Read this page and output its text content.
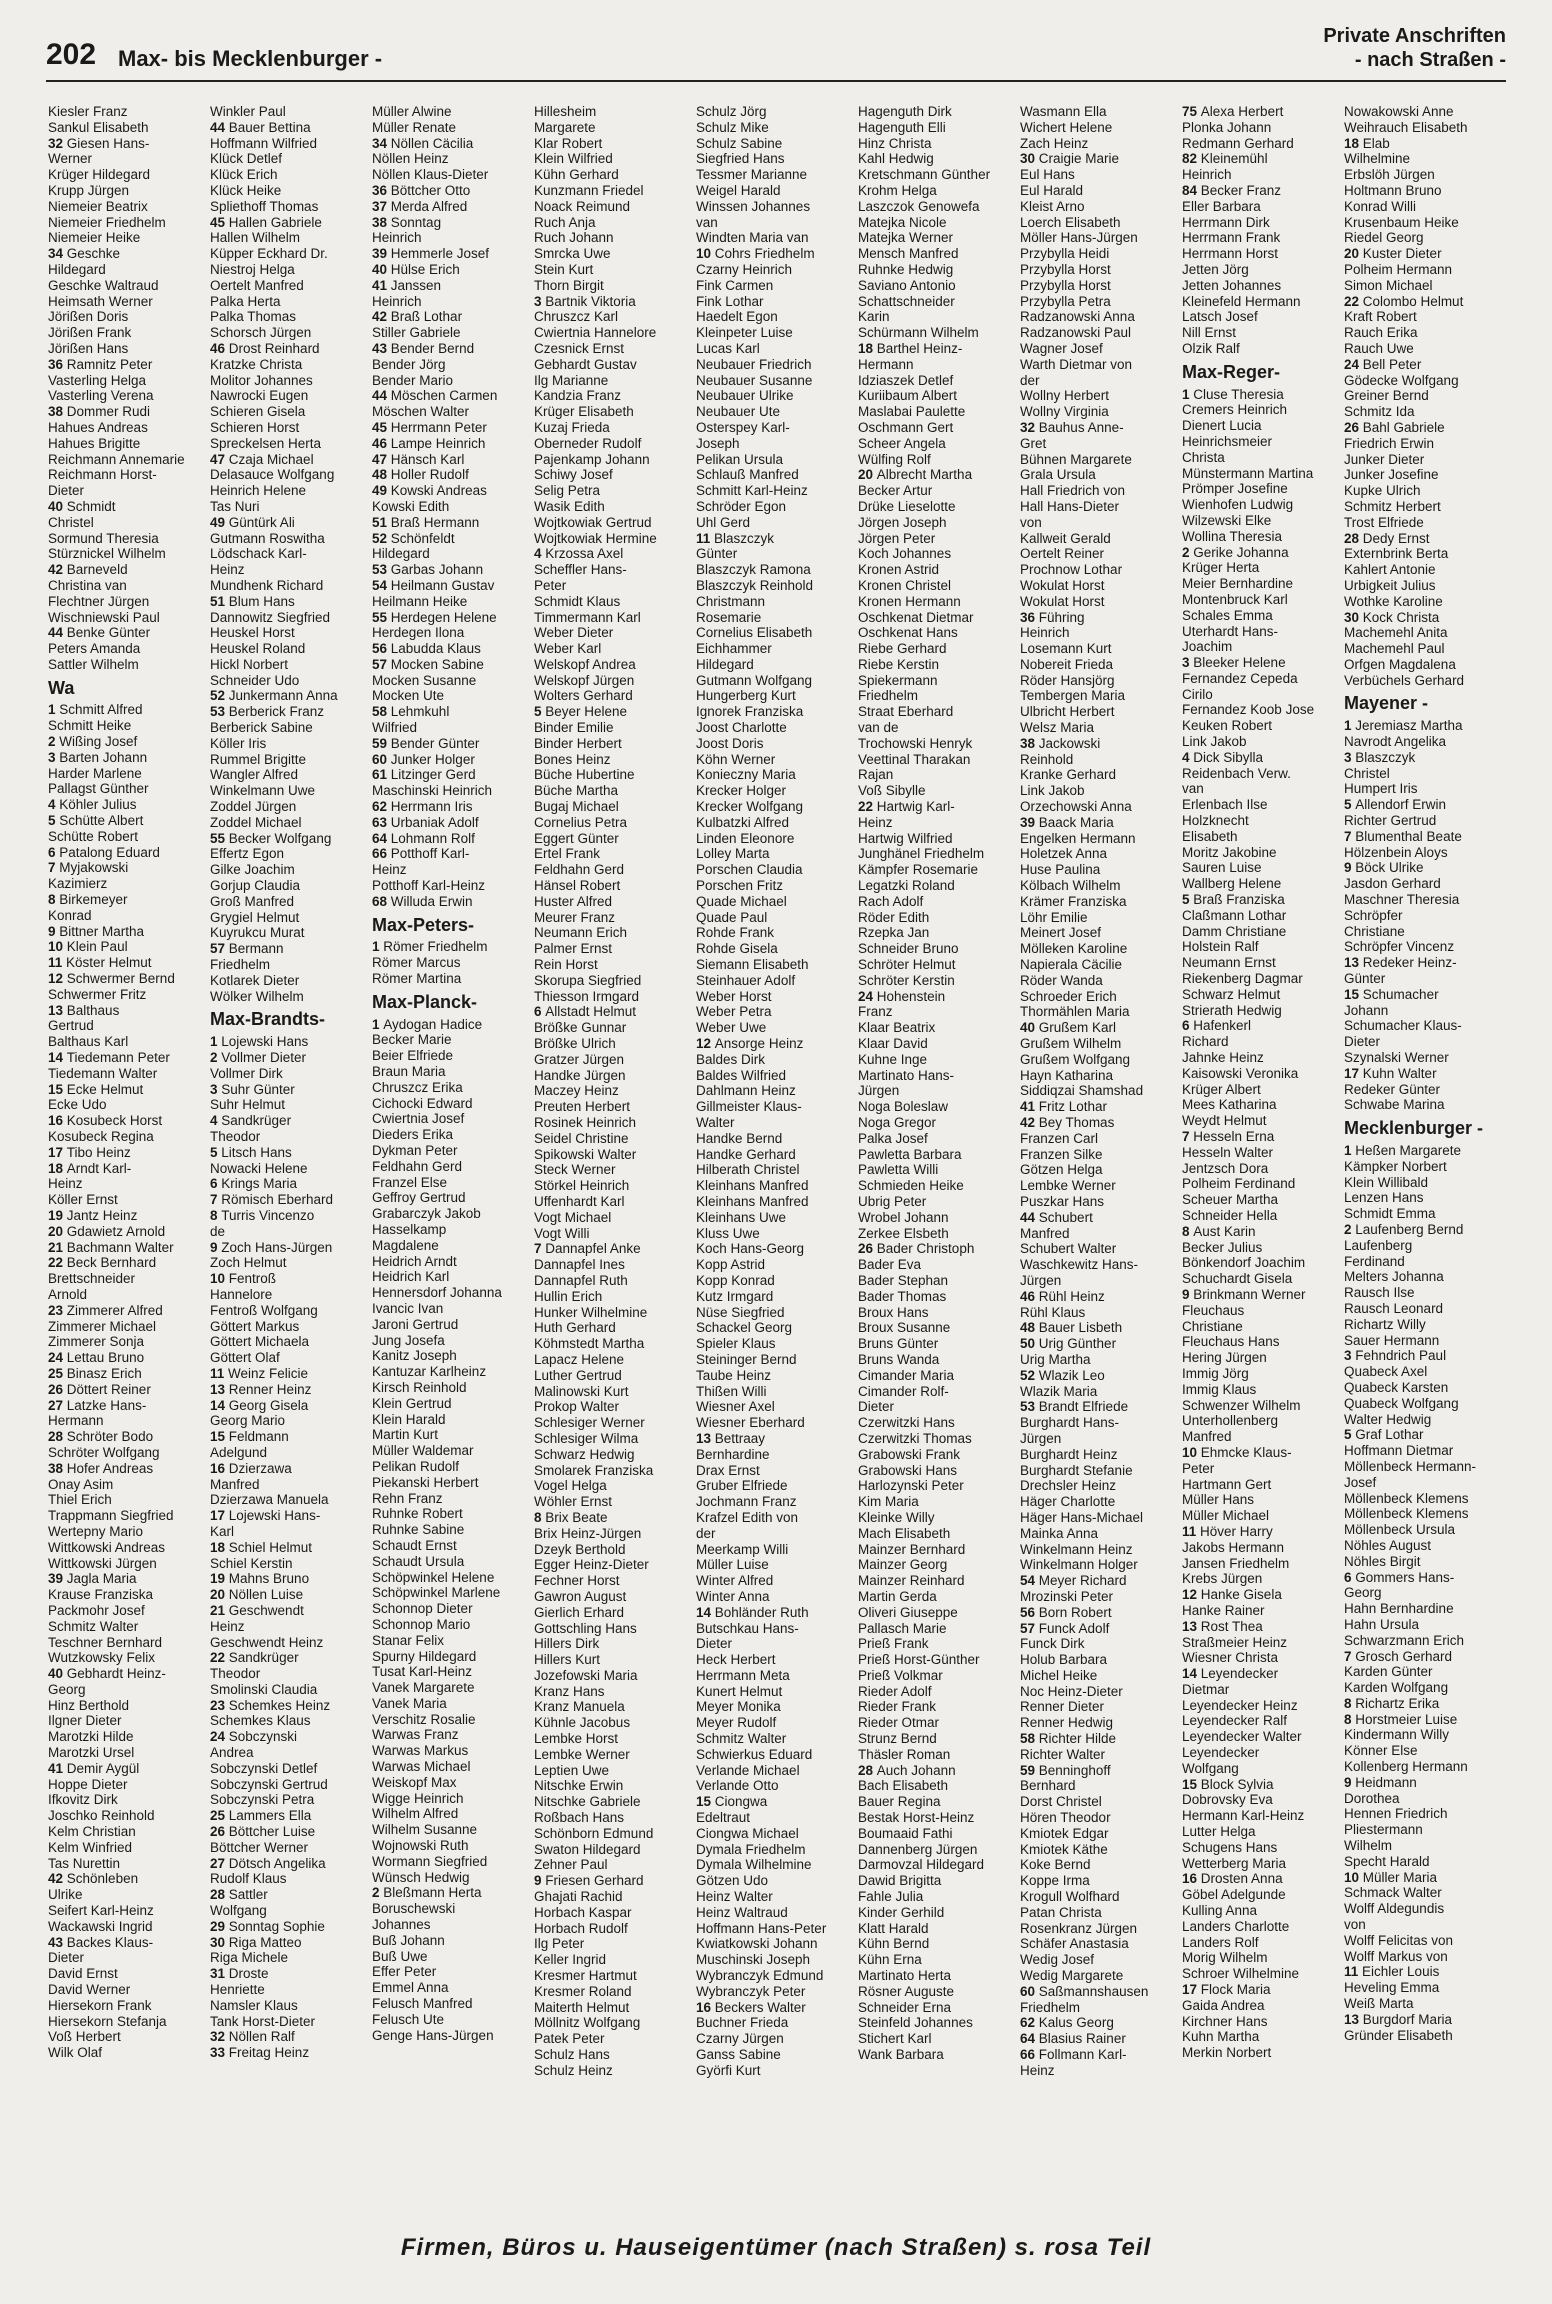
202 Max- bis Mecklenburger -
Private Anschriften
- nach Straßen -
Kiesler Franz
Sankul Elisabeth
32 Giesen Hans-
Werner
Krüger Hildegard
Krupp Jürgen
Niemeier Beatrix
Niemeier Friedhelm
Niemeier Heike
34 Geschke
Hildegard
Geschke Waltraud
Heimsath Werner
Jörißen Doris
Jörißen Frank
Jörißen Hans
36 Ramnitz Peter
Vasterling Helga
Vasterling Verena
38 Dommer Rudi
Hahues Andreas
Hahues Brigitte
Reichmann Annemarie
Reichmann Horst-
Dieter
40 Schmidt
Christel
Sormund Theresia
Stürznickel Wilhelm
42 Barneveld
Christina van
Flechtner Jürgen
Wischniewski Paul
44 Benke Günter
Peters Amanda
Sattler Wilhelm
Wa
1 Schmitt Alfred
Schmitt Heike
2 Wißing Josef
3 Barten Johann
Harder Marlene
Pallagst Günther
4 Köhler Julius
5 Schütte Albert
Schütte Robert
6 Patalong Eduard
7 Myjakowski
Kazimierz
8 Birkemeyer
Konrad
9 Bittner Martha
10 Klein Paul
11 Köster Helmut
12 Schwermer Bernd
Schwermer Fritz
13 Balthaus
Gertrud
Balthaus Karl
14 Tiedemann Peter
Tiedemann Walter
15 Ecke Helmut
Ecke Udo
16 Kosubeck Horst
Kosubeck Regina
17 Tibo Heinz
18 Arndt Karl-
Heinz
Köller Ernst
19 Jantz Heinz
20 Gdawietz Arnold
21 Bachmann Walter
22 Beck Bernhard
Brettschneider
Arnold
23 Zimmerer Alfred
Zimmerer Michael
Zimmerer Sonja
24 Lettau Bruno
25 Binasz Erich
26 Döttert Reiner
27 Latzke Hans-
Hermann
28 Schröter Bodo
Schröter Wolfgang
38 Hofer Andreas
Onay Asim
Thiel Erich
Trappmann Siegfried
Wertepny Mario
Wittkowski Andreas
Wittkowski Jürgen
39 Jagla Maria
Krause Franziska
Packmohr Josef
Schmitz Walter
Teschner Bernhard
Wutzkowsky Felix
40 Gebhardt Heinz-
Georg
Hinz Berthold
Ilgner Dieter
Marotzki Hilde
Marotzki Ursel
41 Demir Aygül
Hoppe Dieter
Ifkovitz Dirk
Joschko Reinhold
Kelm Christian
Kelm Winfried
Tas Nurettin
42 Schönleben
Ulrike
Seifert Karl-Heinz
Wackawski Ingrid
43 Backes Klaus-
Dieter
David Ernst
David Werner
Hiersekorn Frank
Hiersekorn Stefanja
Voß Herbert
Wilk Olaf
Winkler Paul
44 Bauer Bettina
Hoffmann Wilfried
Klück Detlef
Klück Erich
Klück Heike
Spliethoff Thomas
45 Hallen Gabriele
Hallen Wilhelm
Küpper Eckhard Dr.
Niestroj Helga
Oertelt Manfred
Palka Herta
Palka Thomas
Schorsch Jürgen
46 Drost Reinhard
Kratzke Christa
Molitor Johannes
Nawrocki Eugen
Schieren Gisela
Schieren Horst
Spreckelsen Herta
47 Czaja Michael
Delasauce Wolfgang
Heinrich Helene
Tas Nuri
49 Güntürk Ali
Gutmann Roswitha
Lödschack Karl-
Heinz
Mundhenk Richard
51 Blum Hans
Dannowitz Siegfried
Heuskel Horst
Heuskel Roland
Hickl Norbert
Schneider Udo
52 Junkermann Anna
53 Berberick Franz
Berberick Sabine
Köller Iris
Rummel Brigitte
Wangler Alfred
Winkelmann Uwe
Zoddel Jürgen
Zoddel Michael
55 Becker Wolfgang
Effertz Egon
Gilke Joachim
Gorjup Claudia
Groß Manfred
Grygiel Helmut
Kuyrukcu Murat
57 Bermann
Friedhelm
Kotlarek Dieter
Wölker Wilhelm
Max-Brandts-
1 Lojewski Hans
2 Vollmer Dieter
Vollmer Dirk
3 Suhr Günter
Suhr Helmut
4 Sandkrüger
Theodor
5 Litsch Hans
Nowacki Helene
6 Krings Maria
7 Römisch Eberhard
8 Turris Vincenzo
de
9 Zoch Hans-Jürgen
Zoch Helmut
10 Fentroß
Hannelore
Fentroß Wolfgang
Göttert Markus
Göttert Michaela
Göttert Olaf
11 Weinz Felicie
13 Renner Heinz
14 Georg Gisela
Georg Mario
15 Feldmann
Adelgund
16 Dzierzawa
Manfred
Dzierzawa Manuela
17 Lojewski Hans-
Karl
18 Schiel Helmut
Schiel Kerstin
19 Mahns Bruno
20 Nöllen Luise
21 Geschwendt
Heinz
Geschwendt Heinz
22 Sandkrüger
Theodor
Smolinski Claudia
23 Schemkes Heinz
Schemkes Klaus
24 Sobczynski
Andrea
Sobczynski Detlef
Sobczynski Gertrud
Sobczynski Petra
25 Lammers Ella
26 Böttcher Luise
Böttcher Werner
27 Dötsch Angelika
Rudolf Klaus
28 Sattler
Wolfgang
29 Sonntag Sophie
30 Riga Matteo
Riga Michele
31 Droste
Henriette
Namsler Klaus
Tank Horst-Dieter
32 Nöllen Ralf
33 Freitag Heinz
Müller Alwine
Müller Renate
34 Nöllen Cäcilia
Nöllen Heinz
Nöllen Klaus-Dieter
36 Böttcher Otto
37 Merda Alfred
38 Sonntag
Heinrich
39 Hemmerle Josef
40 Hülse Erich
41 Janssen
Heinrich
42 Braß Lothar
Stiller Gabriele
43 Bender Bernd
Bender Jörg
Bender Mario
44 Möschen Carmen
Möschen Walter
45 Herrmann Peter
46 Lampe Heinrich
47 Hänsch Karl
48 Holler Rudolf
49 Kowski Andreas
Kowski Edith
51 Braß Hermann
52 Schönfeldt
Hildegard
53 Garbas Johann
54 Heilmann Gustav
Heilmann Heike
55 Herdegen Helene
Herdegen Ilona
56 Labudda Klaus
57 Mocken Sabine
Mocken Susanne
Mocken Ute
58 Lehmkuhl
Wilfried
59 Bender Günter
60 Junker Holger
61 Litzinger Gerd
Maschinski Heinrich
62 Herrmann Iris
63 Urbaniak Adolf
64 Lohmann Rolf
66 Potthoff Karl-
Heinz
Potthoff Karl-Heinz
68 Willuda Erwin
Max-Peters-
1 Römer Friedhelm
Römer Marcus
Römer Martina
Max-Planck-
1 Aydogan Hadice
Becker Marie
Beier Elfriede
Braun Maria
Chruszcz Erika
Cichocki Edward
Cwiertnia Josef
Dieders Erika
Dykman Peter
Feldhahn Gerd
Franzel Else
Geffroy Gertrud
Grabarczyk Jakob
Hasselkamp
Magdalene
Heidrich Arndt
Heidrich Karl
Hennersdorf Johanna
Ivancic Ivan
Jaroni Gertrud
Jung Josefa
Kanitz Joseph
Kantuzar Karlheinz
Kirsch Reinhold
Klein Gertrud
Klein Harald
Martin Kurt
Müller Waldemar
Pelikan Rudolf
Piekanski Herbert
Rehn Franz
Ruhnke Robert
Ruhnke Sabine
Schaudt Ernst
Schaudt Ursula
Schöpwinkel Helene
Schöpwinkel Marlene
Schonnop Dieter
Schonnop Mario
Stanar Felix
Spurny Hildegard
Tusat Karl-Heinz
Vanek Margarete
Vanek Maria
Verschitz Rosalie
Warwas Franz
Warwas Markus
Warwas Michael
Weiskopf Max
Wigge Heinrich
Wilhelm Alfred
Wilhelm Susanne
Wojnowski Ruth
Wormann Siegfried
Wünsch Hedwig
2 Bleßmann Herta
Boruschewski
Johannes
Buß Johann
Buß Uwe
Effer Peter
Emmel Anna
Felusch Manfred
Felusch Ute
Genge Hans-Jürgen
Hillesheim
Margarete
Klar Robert
Klein Wilfried
Kühn Gerhard
Kunzmann Friedel
Noack Reimund
Ruch Anja
Ruch Johann
Smrcka Uwe
Stein Kurt
Thorn Birgit
3 Bartnik Viktoria
Chruszcz Karl
Cwiertnia Hannelore
Czesnick Ernst
Gebhardt Gustav
Ilg Marianne
Kandzia Franz
Krüger Elisabeth
Kuzaj Frieda
Oberneder Rudolf
Pajenkamp Johann
Schiwy Josef
Selig Petra
Wasik Edith
Wojtkowiak Gertrud
Wojtkowiak Hermine
4 Krzossa Axel
Scheffler Hans-
Peter
Schmidt Klaus
Timmermann Karl
Weber Dieter
Weber Karl
Welskopf Andrea
Welskopf Jürgen
Wolters Gerhard
5 Beyer Helene
Binder Emilie
Binder Herbert
Bones Heinz
Büche Hubertine
Büche Martha
Bugaj Michael
Cornelius Petra
Eggert Günter
Ertel Frank
Feldhahn Gerd
Hänsel Robert
Huster Alfred
Meurer Franz
Neumann Erich
Palmer Ernst
Rein Horst
Skorupa Siegfried
Thiesson Irmgard
6 Allstadt Helmut
Brößke Gunnar
Brößke Ulrich
Gratzer Jürgen
Handke Jürgen
Maczey Heinz
Preuten Herbert
Rosinek Heinrich
Seidel Christine
Spikowski Walter
Steck Werner
Störkel Heinrich
Uffenhardt Karl
Vogt Michael
Vogt Willi
7 Dannapfel Anke
Dannapfel Ines
Dannapfel Ruth
Hullin Erich
Hunker Wilhelmine
Huth Gerhard
Köhmstedt Martha
Lapacz Helene
Luther Gertrud
Malinowski Kurt
Prokop Walter
Schlesiger Werner
Schlesiger Wilma
Schwarz Hedwig
Smolarek Franziska
Vogel Helga
Wöhler Ernst
8 Brix Beate
Brix Heinz-Jürgen
Dzeyk Berthold
Egger Heinz-Dieter
Fechner Horst
Gawron August
Gierlich Erhard
Gottschling Hans
Hillers Dirk
Hillers Kurt
Jozefowski Maria
Kranz Hans
Kranz Manuela
Kühnle Jacobus
Lembke Horst
Lembke Werner
Leptien Uwe
Nitschke Erwin
Nitschke Gabriele
Roßbach Hans
Schönborn Edmund
Swaton Hildegard
Zehner Paul
9 Friesen Gerhard
Ghajati Rachid
Horbach Kaspar
Horbach Rudolf
Ilg Peter
Keller Ingrid
Kresmer Hartmut
Kresmer Roland
Maiterth Helmut
Möllnitz Wolfgang
Patek Peter
Schulz Hans
Schulz Heinz
Schulz Jörg
Schulz Mike
Schulz Sabine
Siegfried Hans
Tessmer Marianne
Weigel Harald
Winssen Johannes
van
Windten Maria van
10 Cohrs Friedhelm
Czarny Heinrich
Fink Carmen
Fink Lothar
Haedelt Egon
Kleinpeter Luise
Lucas Karl
Neubauer Friedrich
Neubauer Susanne
Neubauer Ulrike
Neubauer Ute
Osterspey Karl-
Joseph
Pelikan Ursula
Schlauß Manfred
Schmitt Karl-Heinz
Schröder Egon
Uhl Gerd
11 Blaszczyk
Günter
Blaszczyk Ramona
Blaszczyk Reinhold
Christmann
Rosemarie
Cornelius Elisabeth
Eichhammer
Hildegard
Gutmann Wolfgang
Hungerberg Kurt
Ignorek Franziska
Joost Charlotte
Joost Doris
Köhn Werner
Konieczny Maria
Krecker Holger
Krecker Wolfgang
Kulbatzki Alfred
Linden Eleonore
Lolley Marta
Porschen Claudia
Porschen Fritz
Quade Michael
Quade Paul
Rohde Frank
Rohde Gisela
Siemann Elisabeth
Steinhauer Adolf
Weber Horst
Weber Petra
Weber Uwe
12 Ansorge Heinz
Baldes Dirk
Baldes Wilfried
Dahlmann Heinz
Gillmeister Klaus-
Walter
Handke Bernd
Handke Gerhard
Hilberath Christel
Kleinhans Manfred
Kleinhans Manfred
Kleinhans Uwe
Kluss Uwe
Koch Hans-Georg
Kopp Astrid
Kopp Konrad
Kutz Irmgard
Nüse Siegfried
Schackel Georg
Spieler Klaus
Steininger Bernd
Taube Heinz
Thißen Willi
Wiesner Axel
Wiesner Eberhard
13 Bettraay
Bernhardine
Drax Ernst
Gruber Elfriede
Jochmann Franz
Krafzel Edith von
der
Meerkamp Willi
Müller Luise
Winter Alfred
Winter Anna
14 Bohländer Ruth
Butschkau Hans-
Dieter
Heck Herbert
Herrmann Meta
Kunert Helmut
Meyer Monika
Meyer Rudolf
Schmitz Walter
Schwierkus Eduard
Verlande Michael
Verlande Otto
15 Ciongwa
Edeltraut
Ciongwa Michael
Dymala Friedhelm
Dymala Wilhelmine
Götzen Udo
Heinz Walter
Heinz Waltraud
Hoffmann Hans-Peter
Kwiatkowski Johann
Muschinski Joseph
Wybranczyk Edmund
Wybranczyk Peter
16 Beckers Walter
Buchner Frieda
Czarny Jürgen
Ganss Sabine
Györfi Kurt
Hagenguth Dirk
Hagenguth Elli
Hinz Christa
Kahl Hedwig
Kretschmann Günther
Krohm Helga
Laszczok Genowefa
Matejka Nicole
Matejka Werner
Mensch Manfred
Ruhnke Hedwig
Saviano Antonio
Schattschneider
Karin
Schürmann Wilhelm
18 Barthel Heinz-
Hermann
Idziaszek Detlef
Kuriibaum Albert
Maslabai Paulette
Oschmann Gert
Scheer Angela
Wülfing Rolf
20 Albrecht Martha
Becker Artur
Drüke Lieselotte
Jörgen Joseph
Jörgen Peter
Koch Johannes
Kronen Astrid
Kronen Christel
Kronen Hermann
Oschkenat Dietmar
Oschkenat Hans
Riebe Gerhard
Riebe Kerstin
Spiekermann
Friedhelm
Straat Eberhard
van de
Trochowski Henryk
Veettinal Tharakan
Rajan
Voß Sibylle
22 Hartwig Karl-
Heinz
Hartwig Wilfried
Junghänel Friedhelm
Kämpfer Rosemarie
Legatzki Roland
Rach Adolf
Röder Edith
Rzepka Jan
Schneider Bruno
Schröter Helmut
Schröter Kerstin
24 Hohenstein
Franz
Klaar Beatrix
Klaar David
Kuhne Inge
Martinato Hans-
Jürgen
Noga Boleslaw
Noga Gregor
Palka Josef
Pawletta Barbara
Pawletta Willi
Schmieden Heike
Ubrig Peter
Wrobel Johann
Zerkee Elsbeth
26 Bader Christoph
Bader Eva
Bader Stephan
Bader Thomas
Broux Hans
Broux Susanne
Bruns Günter
Bruns Wanda
Cimander Maria
Cimander Rolf-
Dieter
Czerwitzki Hans
Czerwitzki Thomas
Grabowski Frank
Grabowski Hans
Harlozynski Peter
Kim Maria
Kleinke Willy
Mach Elisabeth
Mainzer Bernhard
Mainzer Georg
Mainzer Reinhard
Martin Gerda
Oliveri Giuseppe
Pallasch Marie
Prieß Frank
Prieß Horst-Günther
Prieß Volkmar
Rieder Adolf
Rieder Frank
Rieder Otmar
Strunz Bernd
Thäsler Roman
28 Auch Johann
Bach Elisabeth
Bauer Regina
Bestak Horst-Heinz
Boumaaid Fathi
Dannenberg Jürgen
Darmovzal Hildegard
Dawid Brigitta
Fahle Julia
Kinder Gerhild
Klatt Harald
Kühn Bernd
Kühn Erna
Martinato Herta
Rösner Auguste
Schneider Erna
Steinfeld Johannes
Stichert Karl
Wank Barbara
Wasmann Ella
Wichert Helene
Zach Heinz
30 Craigie Marie
Eul Hans
Eul Harald
Kleist Arno
Loerch Elisabeth
Möller Hans-Jürgen
Przybylla Heidi
Przybylla Horst
Przybylla Horst
Przybylla Petra
Radzanowski Anna
Radzanowski Paul
Wagner Josef
Warth Dietmar von
der
Wollny Herbert
Wollny Virginia
32 Bauhus Anne-
Gret
Bühnen Margarete
Grala Ursula
Hall Friedrich von
Hall Hans-Dieter
von
Kallweit Gerald
Oertelt Reiner
Prochnow Lothar
Wokulat Horst
Wokulat Horst
36 Führing
Heinrich
Losemann Kurt
Nobereit Frieda
Röder Hansjörg
Tembergen Maria
Ulbricht Herbert
Welsz Maria
38 Jackowski
Reinhold
Kranke Gerhard
Link Jakob
Orzechowski Anna
39 Baack Maria
Engelken Hermann
Holetzek Anna
Huse Paulina
Kölbach Wilhelm
Krämer Franziska
Löhr Emilie
Meinert Josef
Mölleken Karoline
Napierala Cäcilie
Röder Wanda
Schroeder Erich
Thormählen Maria
40 Grußem Karl
Grußem Wilhelm
Grußem Wolfgang
Hayn Katharina
Siddiqzai Shamshad
41 Fritz Lothar
42 Bey Thomas
Franzen Carl
Franzen Silke
Götzen Helga
Lembke Werner
Puszkar Hans
44 Schubert
Manfred
Schubert Walter
Waschkewitz Hans-
Jürgen
46 Rühl Heinz
Rühl Klaus
48 Bauer Lisbeth
50 Urig Günther
Urig Martha
52 Wlazik Leo
Wlazik Maria
53 Brandt Elfriede
Burghardt Hans-
Jürgen
Burghardt Heinz
Burghardt Stefanie
Drechsler Heinz
Häger Charlotte
Häger Hans-Michael
Mainka Anna
Winkelmann Heinz
Winkelmann Holger
54 Meyer Richard
Mrozinski Peter
56 Born Robert
57 Funck Adolf
Funck Dirk
Holub Barbara
Michel Heike
Noc Heinz-Dieter
Renner Dieter
Renner Hedwig
58 Richter Hilde
Richter Walter
59 Benninghoff
Bernhard
Dorst Christel
Hören Theodor
Kmiotek Edgar
Kmiotek Käthe
Koke Bernd
Koppe Irma
Krogull Wolfhard
Patan Christa
Rosenkranz Jürgen
Schäfer Anastasia
Wedig Josef
Wedig Margarete
60 Saßmannshausen
Friedhelm
62 Kalus Georg
64 Blasius Rainer
66 Follmann Karl-
Heinz
75 Alexa Herbert
Plonka Johann
Redmann Gerhard
82 Kleinemühl
Heinrich
84 Becker Franz
Eller Barbara
Herrmann Dirk
Herrmann Frank
Herrmann Horst
Jetten Jörg
Jetten Johannes
Kleinefeld Hermann
Latsch Josef
Nill Ernst
Olzik Ralf
Max-Reger-
1 Cluse Theresia
Cremers Heinrich
Dienert Lucia
Heinrichsmeier
Christa
Münstermann Martina
Prömper Josefine
Wienhofen Ludwig
Wilzewski Elke
Wollina Theresia
2 Gerike Johanna
Krüger Herta
Meier Bernhardine
Montenbruck Karl
Schales Emma
Uterhardt Hans-
Joachim
3 Bleeker Helene
Fernandez Cepeda
Cirilo
Fernandez Koob Jose
Keuken Robert
Link Jakob
4 Dick Sibylla
Reidenbach Verw.
van
Erlenbach Ilse
Holzknecht
Elisabeth
Moritz Jakobine
Sauren Luise
Wallberg Helene
5 Braß Franziska
Claßmann Lothar
Damm Christiane
Holstein Ralf
Neumann Ernst
Riekenberg Dagmar
Schwarz Helmut
Strierath Hedwig
6 Hafenkerl
Richard
Jahnke Heinz
Kaisowski Veronika
Krüger Albert
Mees Katharina
Weydt Helmut
7 Hesseln Erna
Hesseln Walter
Jentzsch Dora
Polheim Ferdinand
Scheuer Martha
Schneider Hella
8 Aust Karin
Becker Julius
Bönkendorf Joachim
Schuchardt Gisela
9 Brinkmann Werner
Fleuchaus
Christiane
Fleuchaus Hans
Hering Jürgen
Immig Jörg
Immig Klaus
Schwenzer Wilhelm
Unterhollenberg
Manfred
10 Ehmcke Klaus-
Peter
Hartmann Gert
Müller Hans
Müller Michael
11 Höver Harry
Jakobs Hermann
Jansen Friedhelm
Krebs Jürgen
12 Hanke Gisela
Hanke Rainer
13 Rost Thea
Straßmeier Heinz
Wiesner Christa
14 Leyendecker
Dietmar
Leyendecker Heinz
Leyendecker Ralf
Leyendecker Walter
Leyendecker
Wolfgang
15 Block Sylvia
Dobrovsky Eva
Hermann Karl-Heinz
Lutter Helga
Schugens Hans
Wetterberg Maria
16 Drosten Anna
Göbel Adelgunde
Kulling Anna
Landers Charlotte
Landers Rolf
Morig Wilhelm
Schroer Wilhelmine
17 Flock Maria
Gaida Andrea
Kirchner Hans
Kuhn Martha
Merkin Norbert
Nowakowski Anne
Weihrauch Elisabeth
18 Elab
Wilhelmine
Erbslöh Jürgen
Holtmann Bruno
Konrad Willi
Krusenbaum Heike
Riedel Georg
20 Kuster Dieter
Polheim Hermann
Simon Michael
22 Colombo Helmut
Kraft Robert
Rauch Erika
Rauch Uwe
24 Bell Peter
Gödecke Wolfgang
Greiner Bernd
Schmitz Ida
26 Bahl Gabriele
Friedrich Erwin
Junker Dieter
Junker Josefine
Kupke Ulrich
Schmitz Herbert
Trost Elfriede
28 Dedy Ernst
Externbrink Berta
Kahlert Antonie
Urbigkeit Julius
Wothke Karoline
30 Kock Christa
Machemehl Anita
Machemehl Paul
Orfgen Magdalena
Verbüchels Gerhard
Mayener -
1 Jeremiasz Martha
Navrodt Angelika
3 Blaszczyk
Christel
Humpert Iris
5 Allendorf Erwin
Richter Gertrud
7 Blumenthal Beate
Hölzenbein Aloys
9 Böck Ulrike
Jasdon Gerhard
Maschner Theresia
Schröpfer
Christiane
Schröpfer Vincenz
13 Redeker Heinz-
Günter
15 Schumacher
Johann
Schumacher Klaus-
Dieter
Szynalski Werner
17 Kuhn Walter
Redeker Günter
Schwabe Marina
Mecklenburger -
1 Heßen Margarete
Kämpker Norbert
Klein Willibald
Lenzen Hans
Schmidt Emma
2 Laufenberg Bernd
Laufenberg
Ferdinand
Melters Johanna
Rausch Ilse
Rausch Leonard
Richartz Willy
Sauer Hermann
3 Fehndrich Paul
Quabeck Axel
Quabeck Karsten
Quabeck Wolfgang
Walter Hedwig
5 Graf Lothar
Hoffmann Dietmar
Möllenbeck Hermann-
Josef
Möllenbeck Klemens
Möllenbeck Klemens
Möllenbeck Ursula
Nöhles August
Nöhles Birgit
6 Gommers Hans-
Georg
Hahn Bernhardine
Hahn Ursula
Schwarzmann Erich
7 Grosch Gerhard
Karden Günter
Karden Wolfgang
8 Richartz Erika
8 Horstmeier Luise
Kindermann Willy
Könner Else
Kollenberg Hermann
9 Heidmann
Dorothea
Hennen Friedrich
Pliestermann
Wilhelm
Specht Harald
10 Müller Maria
Schmack Walter
Wolff Aldegundis
von
Wolff Felicitas von
Wolff Markus von
11 Eichler Louis
Heveling Emma
Weiß Marta
13 Burgdorf Maria
Gründer Elisabeth
Firmen, Büros u. Hauseigentümer (nach Straßen) s. rosa Teil
